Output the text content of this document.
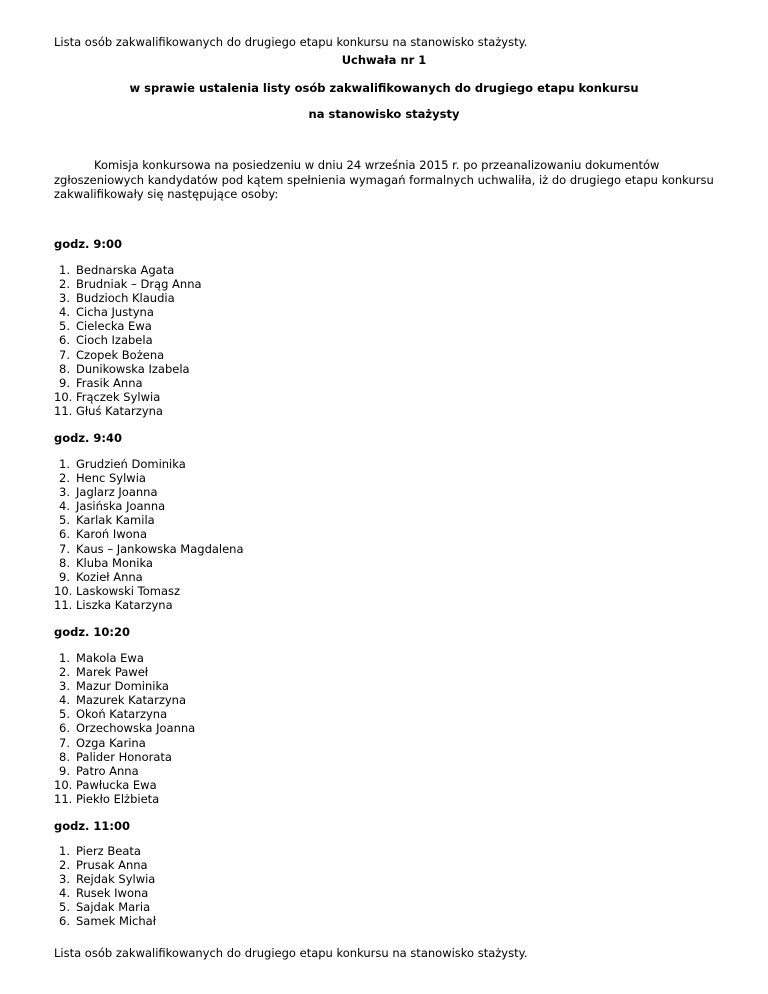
Lista osób zakwalifikowanych do drugiego etapu konkursu na stanowisko stażysty.
Uchwała nr 1
w sprawie ustalenia listy osób zakwalifikowanych do drugiego etapu konkursu
na stanowisko stażysty
Komisja konkursowa na posiedzeniu w dniu 24 września 2015 r. po przeanalizowaniu dokumentów zgłoszeniowych kandydatów pod kątem spełnienia wymagań formalnych uchwaliła, iż do drugiego etapu konkursu zakwalifikowały się następujące osoby:
godz. 9:00
1. Bednarska Agata
2. Brudniak – Drąg Anna
3. Budzioch Klaudia
4. Cicha Justyna
5. Cielecka Ewa
6. Cioch Izabela
7. Czopek Bożena
8. Dunikowska Izabela
9. Frasik Anna
10. Frączek Sylwia
11. Głuś Katarzyna
godz. 9:40
1. Grudzień Dominika
2. Henc Sylwia
3. Jaglarz Joanna
4. Jasińska Joanna
5. Karlak Kamila
6. Karoń Iwona
7. Kaus – Jankowska Magdalena
8. Kluba Monika
9. Kozieł Anna
10. Laskowski Tomasz
11. Liszka Katarzyna
godz. 10:20
1. Makola Ewa
2. Marek Paweł
3. Mazur Dominika
4. Mazurek Katarzyna
5. Okoń Katarzyna
6. Orzechowska Joanna
7. Ozga Karina
8. Palider Honorata
9. Patro Anna
10. Pawłucka Ewa
11. Piekło Elżbieta
godz. 11:00
1. Pierz Beata
2. Prusak Anna
3. Rejdak Sylwia
4. Rusek Iwona
5. Sajdak Maria
6. Samek Michał
Lista osób zakwalifikowanych do drugiego etapu konkursu na stanowisko stażysty.
